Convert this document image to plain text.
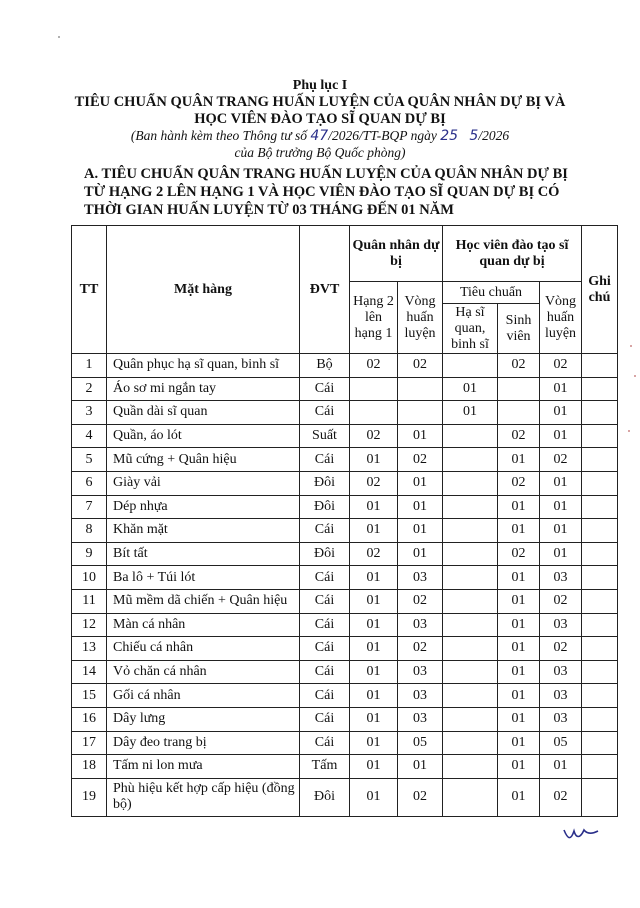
Phụ lục I
TIÊU CHUẨN QUÂN TRANG HUẤN LUYỆN CỦA QUÂN NHÂN DỰ BỊ VÀ
HỌC VIÊN ĐÀO TẠO SĨ QUAN DỰ BỊ
(Ban hành kèm theo Thông tư số 47/2026/TT-BQP ngày 25 5/2026
của Bộ trưởng Bộ Quốc phòng)
A. TIÊU CHUẨN QUÂN TRANG HUẤN LUYỆN CỦA QUÂN NHÂN DỰ BỊ
TỪ HẠNG 2 LÊN HẠNG 1 VÀ HỌC VIÊN ĐÀO TẠO SĨ QUAN DỰ BỊ CÓ
THỜI GIAN HUẤN LUYỆN TỪ 03 THÁNG ĐẾN 01 NĂM
TT	Mặt hàng	ĐVT	Quân nhân dự bị		Học viên đào tạo sĩ quan dự bị			Ghi chú
			Hạng 2 lên hạng 1	Vòng huấn luyện	Tiêu chuẩn		Vòng huấn luyện	
					Hạ sĩ quan, binh sĩ	Sinh viên		
1	Quân phục hạ sĩ quan, binh sĩ	Bộ	02	02		02	02	
2	Áo sơ mi ngắn tay	Cái			01		01	
3	Quần dài sĩ quan	Cái			01		01	
4	Quần, áo lót	Suất	02	01		02	01	
5	Mũ cứng + Quân hiệu	Cái	01	02		01	02	
6	Giày vải	Đôi	02	01		02	01	
7	Dép nhựa	Đôi	01	01		01	01	
8	Khăn mặt	Cái	01	01		01	01	
9	Bít tất	Đôi	02	01		02	01	
10	Ba lô + Túi lót	Cái	01	03		01	03	
11	Mũ mềm dã chiến + Quân hiệu	Cái	01	02		01	02	
12	Màn cá nhân	Cái	01	03		01	03	
13	Chiếu cá nhân	Cái	01	02		01	02	
14	Vỏ chăn cá nhân	Cái	01	03		01	03	
15	Gối cá nhân	Cái	01	03		01	03	
16	Dây lưng	Cái	01	03		01	03	
17	Dây đeo trang bị	Cái	01	05		01	05	
18	Tấm ni lon mưa	Tấm	01	01		01	01	
19	Phù hiệu kết hợp cấp hiệu (đồng bộ)	Đôi	01	02		01	02	
